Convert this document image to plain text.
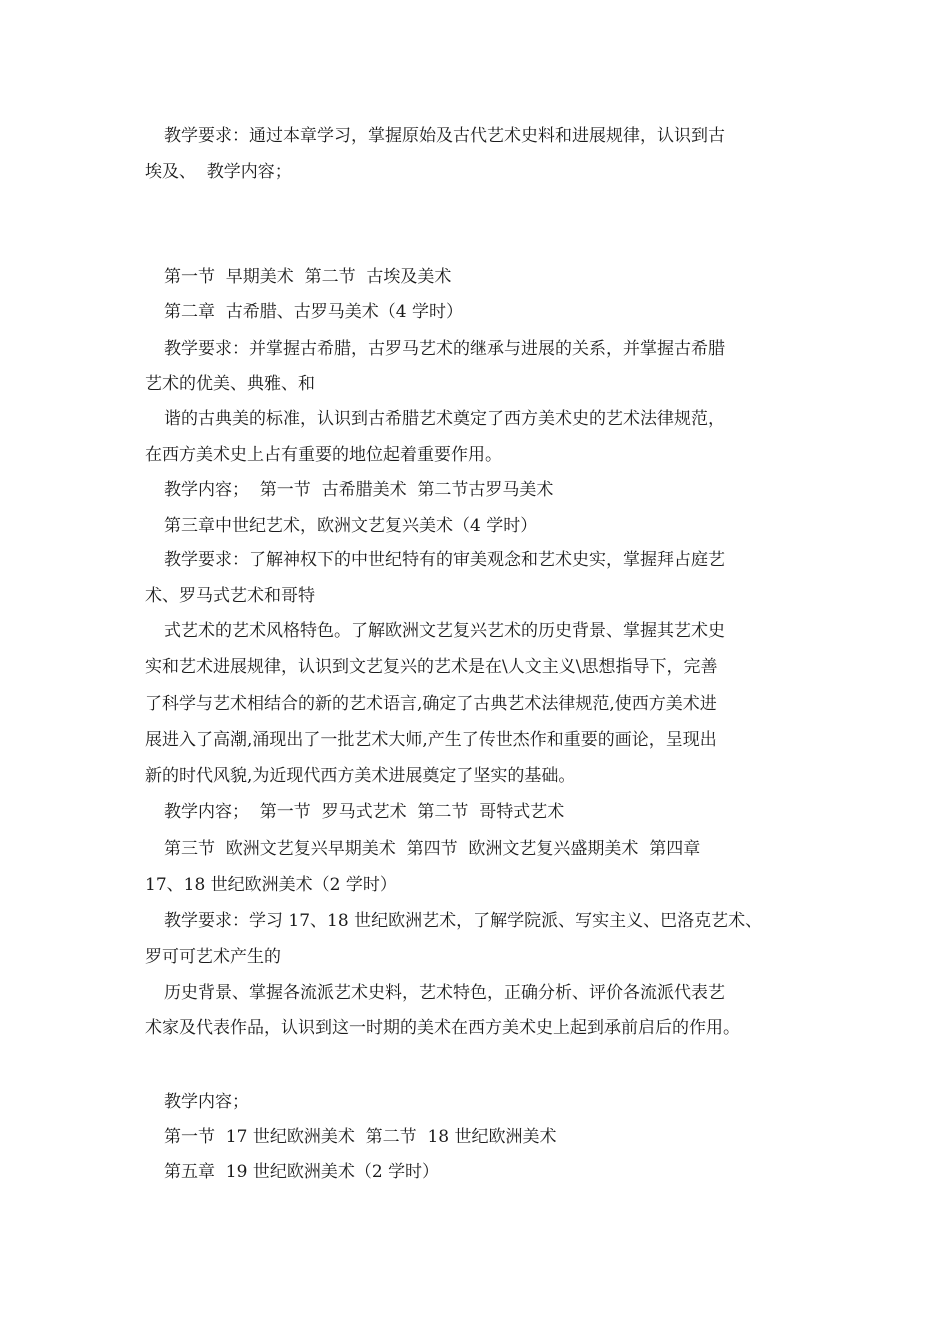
教学要求：通过本章学习，掌握原始及古代艺术史料和进展规律，认识到古

埃及、  教学内容；

第一节  早期美术  第二节  古埃及美术

第二章  古希腊、古罗马美术（4 学时）

教学要求：并掌握古希腊，古罗马艺术的继承与进展的关系，并掌握古希腊

艺术的优美、典雅、和

谐的古典美的标准，认识到古希腊艺术奠定了西方美术史的艺术法律规范，

在西方美术史上占有重要的地位起着重要作用。

教学内容；  第一节  古希腊美术  第二节古罗马美术

第三章中世纪艺术，欧洲文艺复兴美术（4 学时）

教学要求：了解神权下的中世纪特有的审美观念和艺术史实，掌握拜占庭艺

术、罗马式艺术和哥特

式艺术的艺术风格特色。了解欧洲文艺复兴艺术的历史背景、掌握其艺术史

实和艺术进展规律，认识到文艺复兴的艺术是在\人文主义\思想指导下，完善

了科学与艺术相结合的新的艺术语言,确定了古典艺术法律规范,使西方美术进

展进入了高潮,涌现出了一批艺术大师,产生了传世杰作和重要的画论，呈现出

新的时代风貌,为近现代西方美术进展奠定了坚实的基础。

教学内容；  第一节  罗马式艺术  第二节  哥特式艺术

第三节  欧洲文艺复兴早期美术  第四节  欧洲文艺复兴盛期美术  第四章

17、18 世纪欧洲美术（2 学时）

教学要求：学习 17、18 世纪欧洲艺术，了解学院派、写实主义、巴洛克艺术、

罗可可艺术产生的

历史背景、掌握各流派艺术史料，艺术特色，正确分析、评价各流派代表艺

术家及代表作品，认识到这一时期的美术在西方美术史上起到承前启后的作用。

教学内容；

第一节  17 世纪欧洲美术  第二节  18 世纪欧洲美术

第五章  19 世纪欧洲美术（2 学时）
